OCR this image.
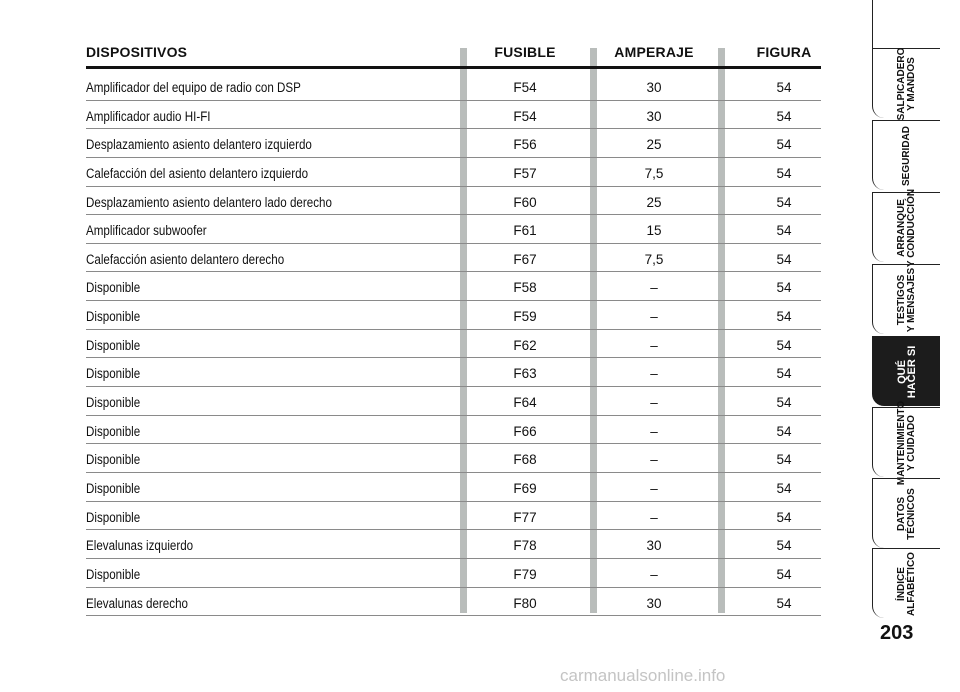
DISPOSITIVOS	FUSIBLE	AMPERAJE	FIGURA
Amplificador del equipo de radio con DSP	F54	30	54
Amplificador audio HI-FI	F54	30	54
Desplazamiento asiento delantero izquierdo	F56	25	54
Calefacción del asiento delantero izquierdo	F57	7,5	54
Desplazamiento asiento delantero lado derecho	F60	25	54
Amplificador subwoofer	F61	15	54
Calefacción asiento delantero derecho	F67	7,5	54
Disponible	F58	–	54
Disponible	F59	–	54
Disponible	F62	–	54
Disponible	F63	–	54
Disponible	F64	–	54
Disponible	F66	–	54
Disponible	F68	–	54
Disponible	F69	–	54
Disponible	F77	–	54
Elevalunas izquierdo	F78	30	54
Disponible	F79	–	54
Elevalunas derecho	F80	30	54
SALPICADERO
Y MANDOS
SEGURIDAD
ARRANQUE
Y CONDUCCIÓN
TESTIGOS
Y MENSAJES
QUÉ
HACER SI
MANTENIMIENTO
Y CUIDADO
DATOS
TÉCNICOS
ÍNDICE
ALFABÉTICO
203
carmanualsonline.info
